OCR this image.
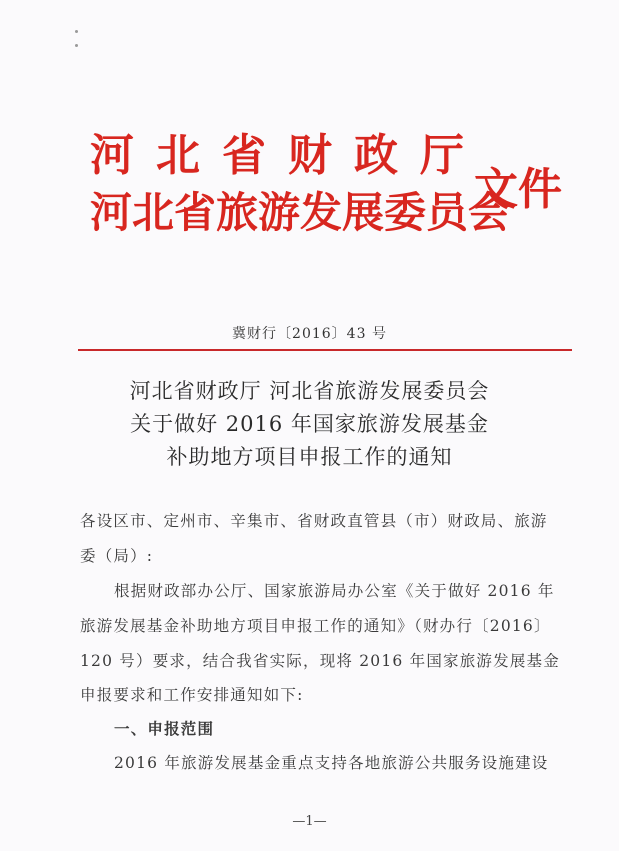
河北省财政厅
河北省旅游发展委员会
文件
冀财行〔2016〕43 号
河北省财政厅 河北省旅游发展委员会
关于做好 2016 年国家旅游发展基金
补助地方项目申报工作的通知
各设区市、定州市、辛集市、省财政直管县（市）财政局、旅游
委（局）:
根据财政部办公厅、国家旅游局办公室《关于做好 2016 年
旅游发展基金补助地方项目申报工作的通知》（财办行〔2016〕
120 号）要求，结合我省实际，现将 2016 年国家旅游发展基金
申报要求和工作安排通知如下:
一、申报范围
2016 年旅游发展基金重点支持各地旅游公共服务设施建设
—1—
